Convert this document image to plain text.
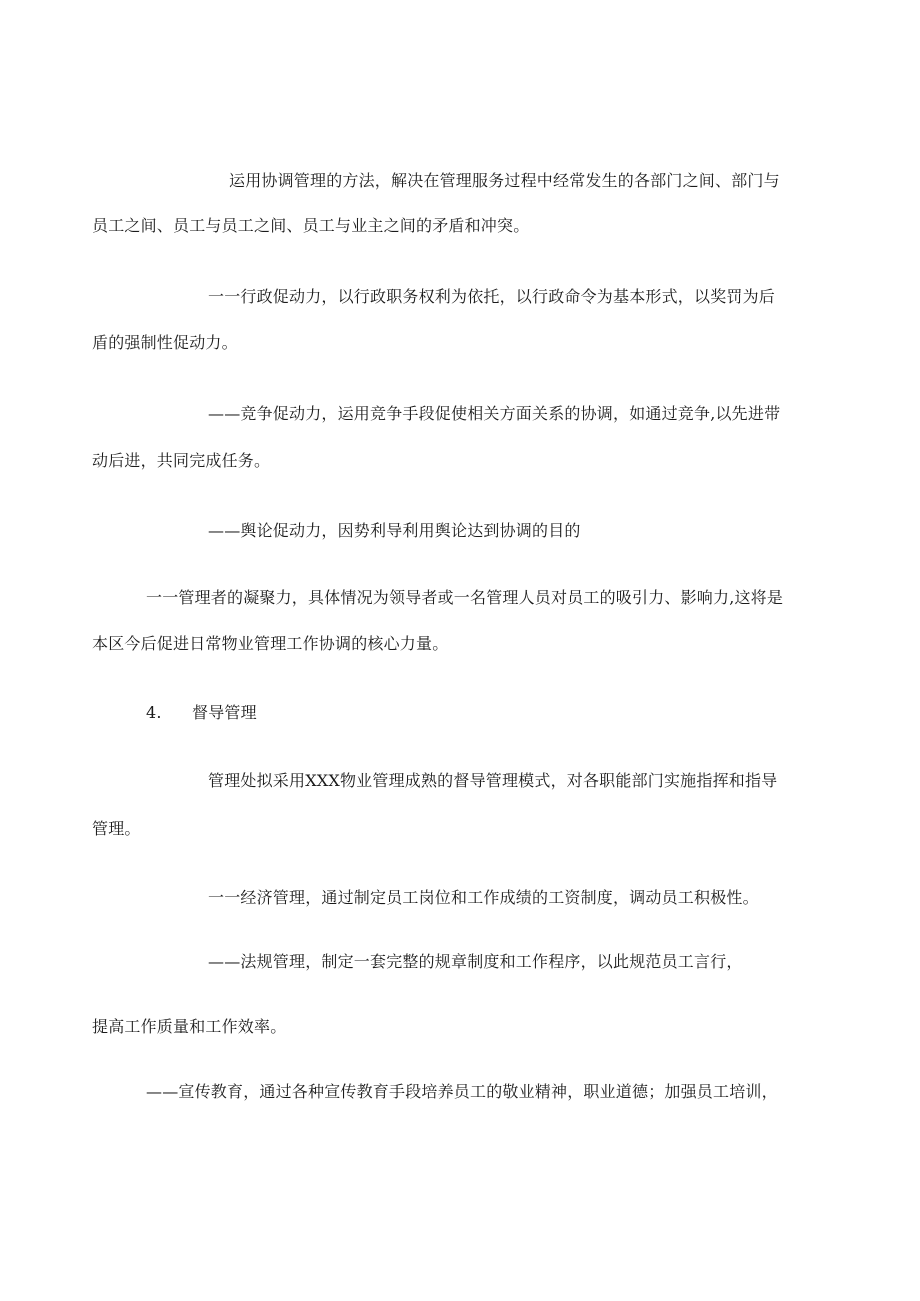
运用协调管理的方法，解决在管理服务过程中经常发生的各部门之间、部门与
员工之间、员工与员工之间、员工与业主之间的矛盾和冲突。
一一行政促动力，以行政职务权利为依托，以行政命令为基本形式，以奖罚为后
盾的强制性促动力。
——竞争促动力，运用竞争手段促使相关方面关系的协调，如通过竞争,以先进带
动后进，共同完成任务。
——舆论促动力，因势利导利用舆论达到协调的目的
一一管理者的凝聚力，具体情况为领导者或一名管理人员对员工的吸引力、影响力,这将是
本区今后促进日常物业管理工作协调的核心力量。
4. 督导管理
管理处拟采用XXX物业管理成熟的督导管理模式，对各职能部门实施指挥和指导
管理。
一一经济管理，通过制定员工岗位和工作成绩的工资制度，调动员工积极性。
——法规管理，制定一套完整的规章制度和工作程序，以此规范员工言行，
提高工作质量和工作效率。
——宣传教育，通过各种宣传教育手段培养员工的敬业精神，职业道德；加强员工培训，
